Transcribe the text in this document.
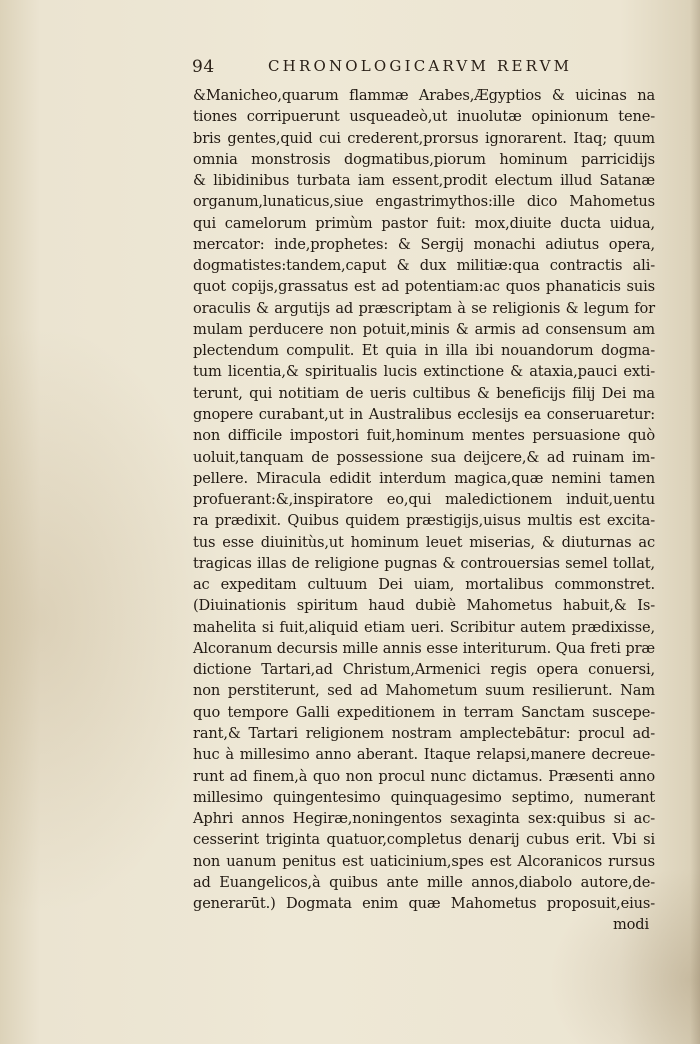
94	CHRONOLOGICARVM RERVM
&Manicheo,quarum flammæ Arabes,Ægyptios & uicinas na
tiones corripuerunt usqueadeò,ut inuolutæ opinionum tene-
bris gentes,quid cui crederent,prorsus ignorarent. Itaq; quum
omnia monstrosis dogmatibus,piorum hominum parricidijs
& libidinibus turbata iam essent,prodit electum illud Satanæ
organum,lunaticus,siue engastrimythos:ille dico Mahometus
qui camelorum primùm pastor fuit: mox,diuite ducta uidua,
mercator: inde,prophetes: & Sergij monachi adiutus opera,
dogmatistes:tandem,caput & dux militiæ:qua contractis ali-
quot copijs,grassatus est ad potentiam:ac quos phanaticis suis
oraculis & argutijs ad præscriptam à se religionis & legum for
mulam perducere non potuit,minis & armis ad consensum am
plectendum compulit. Et quia in illa ibi nouandorum dogma-
tum licentia,& spiritualis lucis extinctione & ataxia,pauci exti-
terunt, qui notitiam de ueris cultibus & beneficijs filij Dei ma
gnopere curabant,ut in Australibus ecclesijs ea conseruaretur:
non difficile impostori fuit,hominum mentes persuasione quò
uoluit,tanquam de possessione sua deijcere,& ad ruinam im-
pellere. Miracula edidit interdum magica,quæ nemini tamen
profuerant:&,inspiratore eo,qui maledictionem induit,uentu
ra prædixit. Quibus quidem præstigijs,uisus multis est excita-
tus esse diuinitùs,ut hominum leuet miserias, & diuturnas ac
tragicas illas de religione pugnas & controuersias semel tollat,
ac expeditam cultuum Dei uiam, mortalibus commonstret.
(Diuinationis spiritum haud dubiè Mahometus habuit,& Is-
mahelita si fuit,aliquid etiam ueri. Scribitur autem prædixisse,
Alcoranum decursis mille annis esse interiturum. Qua freti præ
dictione Tartari,ad Christum,Armenici regis opera conuersi,
non perstiterunt, sed ad Mahometum suum resilierunt. Nam
quo tempore Galli expeditionem in terram Sanctam suscepe-
rant,& Tartari religionem nostram amplectebātur: procul ad-
huc à millesimo anno aberant. Itaque relapsi,manere decreue-
runt ad finem,à quo non procul nunc dictamus. Præsenti anno
millesimo quingentesimo quinquagesimo septimo, numerant
Aphri annos Hegiræ,noningentos sexaginta sex:quibus si ac-
cesserint triginta quatuor,completus denarij cubus erit. Vbi si
non uanum penitus est uaticinium,spes est Alcoranicos rursus
ad Euangelicos,à quibus ante mille annos,diabolo autore,de-
generarūt.) Dogmata enim quæ Mahometus proposuit,eius-
modi
